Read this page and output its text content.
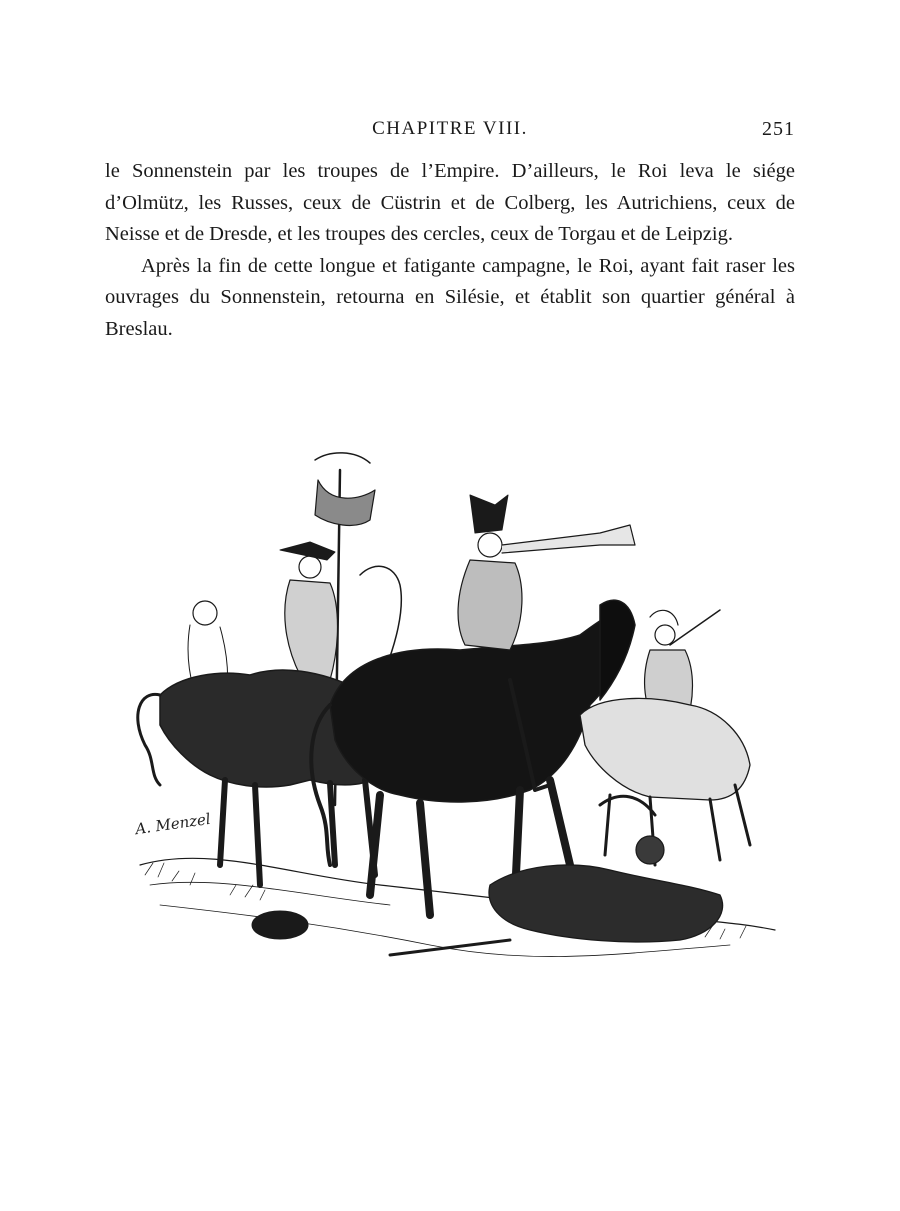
CHAPITRE VIII.	251

le Sonnenstein par les troupes de l’Empire. D’ailleurs, le Roi leva le siége d’Olmütz, les Russes, ceux de Cüstrin et de Colberg, les Autrichiens, ceux de Neisse et de Dresde, et les troupes des cercles, ceux de Torgau et de Leipzig.

Après la fin de cette longue et fatigante campagne, le Roi, ayant fait raser les ouvrages du Sonnenstein, retourna en Silésie, et établit son quartier général à Breslau.

A. Menzel
